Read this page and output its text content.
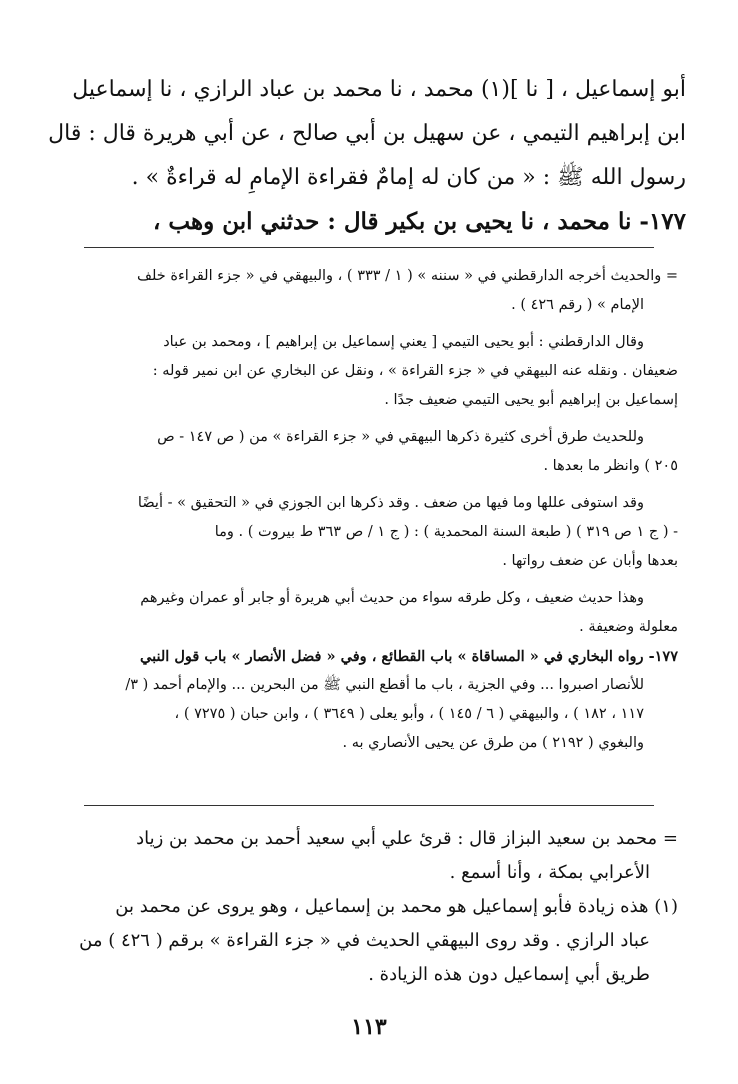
أبو إسماعيل ، [ نا ](١) محمد ، نا محمد بن عباد الرازي ، نا إسماعيل
ابن إبراهيم التيمي ، عن سهيل بن أبي صالح ، عن أبي هريرة قال : قال
رسول الله ﷺ : « من كان له إمامٌ فقراءة الإمامِ له قراءةٌ » .
١٧٧- نا محمد ، نا يحيى بن بكير قال : حدثني ابن وهب ،
= والحديث أخرجه الدارقطني في « سننه » ( ١ / ٣٣٣ ) ، والبيهقي في « جزء القراءة خلف
الإمام » ( رقم ٤٢٦ ) .
وقال الدارقطني : أبو يحيى التيمي [ يعني إسماعيل بن إبراهيم ] ، ومحمد بن عباد
ضعيفان . ونقله عنه البيهقي في « جزء القراءة » ، ونقل عن البخاري عن ابن نمير قوله :
إسماعيل بن إبراهيم أبو يحيى التيمي ضعيف جدًا .
وللحديث طرق أخرى كثيرة ذكرها البيهقي في « جزء القراءة » من ( ص ١٤٧ - ص
٢٠٥ ) وانظر ما بعدها .
وقد استوفى عللها وما فيها من ضعف . وقد ذكرها ابن الجوزي في « التحقيق » - أيضًا
- ( ج ١ ص ٣١٩ ) ( طبعة السنة المحمدية ) : ( ج ١ / ص ٣٦٣ ط بيروت ) . وما
بعدها وأبان عن ضعف رواتها .
وهذا حديث ضعيف ، وكل طرقه سواء من حديث أبي هريرة أو جابر أو عمران وغيرهم
معلولة وضعيفة .
١٧٧- رواه البخاري في « المساقاة » باب القطائع ، وفي « فضل الأنصار » باب قول النبي
للأنصار اصبروا ... وفي الجزية ، باب ما أقطع النبي ﷺ من البحرين ... والإمام أحمد ( ٣/
١١٧ ، ١٨٢ ) ، والبيهقي ( ٦ / ١٤٥ ) ، وأبو يعلى ( ٣٦٤٩ ) ، وابن حبان ( ٧٢٧٥ ) ،
والبغوي ( ٢١٩٢ ) من طرق عن يحيى الأنصاري به .
= محمد بن سعيد البزاز قال : قرئ علي أبي سعيد أحمد بن محمد بن زياد
الأعرابي بمكة ، وأنا أسمع .
(١) هذه زيادة فأبو إسماعيل هو محمد بن إسماعيل ، وهو يروى عن محمد بن
عباد الرازي . وقد روى البيهقي الحديث في « جزء القراءة » برقم ( ٤٢٦ ) من
طريق أبي إسماعيل دون هذه الزيادة .
١١٣
